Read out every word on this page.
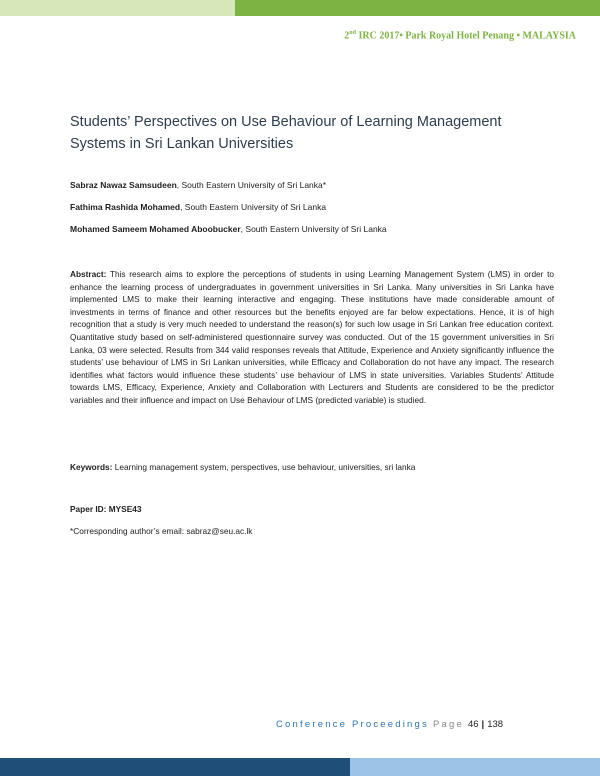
2nd IRC 2017• Park Royal Hotel Penang • MALAYSIA
Students’ Perspectives on Use Behaviour of Learning Management Systems in Sri Lankan Universities
Sabraz Nawaz Samsudeen, South Eastern University of Sri Lanka*
Fathima Rashida Mohamed, South Eastern University of Sri Lanka
Mohamed Sameem Mohamed Aboobucker, South Eastern University of Sri Lanka

Abstract: This research aims to explore the perceptions of students in using Learning Management System (LMS) in order to enhance the learning process of undergraduates in government universities in Sri Lanka. Many universities in Sri Lanka have implemented LMS to make their learning interactive and engaging. These institutions have made considerable amount of investments in terms of finance and other resources but the benefits enjoyed are far below expectations. Hence, it is of high recognition that a study is very much needed to understand the reason(s) for such low usage in Sri Lankan free education context. Quantitative study based on self-administered questionnaire survey was conducted. Out of the 15 government universities in Sri Lanka, 03 were selected. Results from 344 valid responses reveals that Attitude, Experience and Anxiety significantly influence the students’ use behaviour of LMS in Sri Lankan universities, while Efficacy and Collaboration do not have any impact. The research identifies what factors would influence these students’ use behaviour of LMS in state universities. Variables Students’ Attitude towards LMS, Efficacy, Experience, Anxiety and Collaboration with Lecturers and Students are considered to be the predictor variables and their influence and impact on Use Behaviour of LMS (predicted variable) is studied.

Keywords: Learning management system, perspectives, use behaviour, universities, sri lanka

Paper ID: MYSE43
*Corresponding author’s email: sabraz@seu.ac.lk
Conference Proceedings Page 46 | 138
